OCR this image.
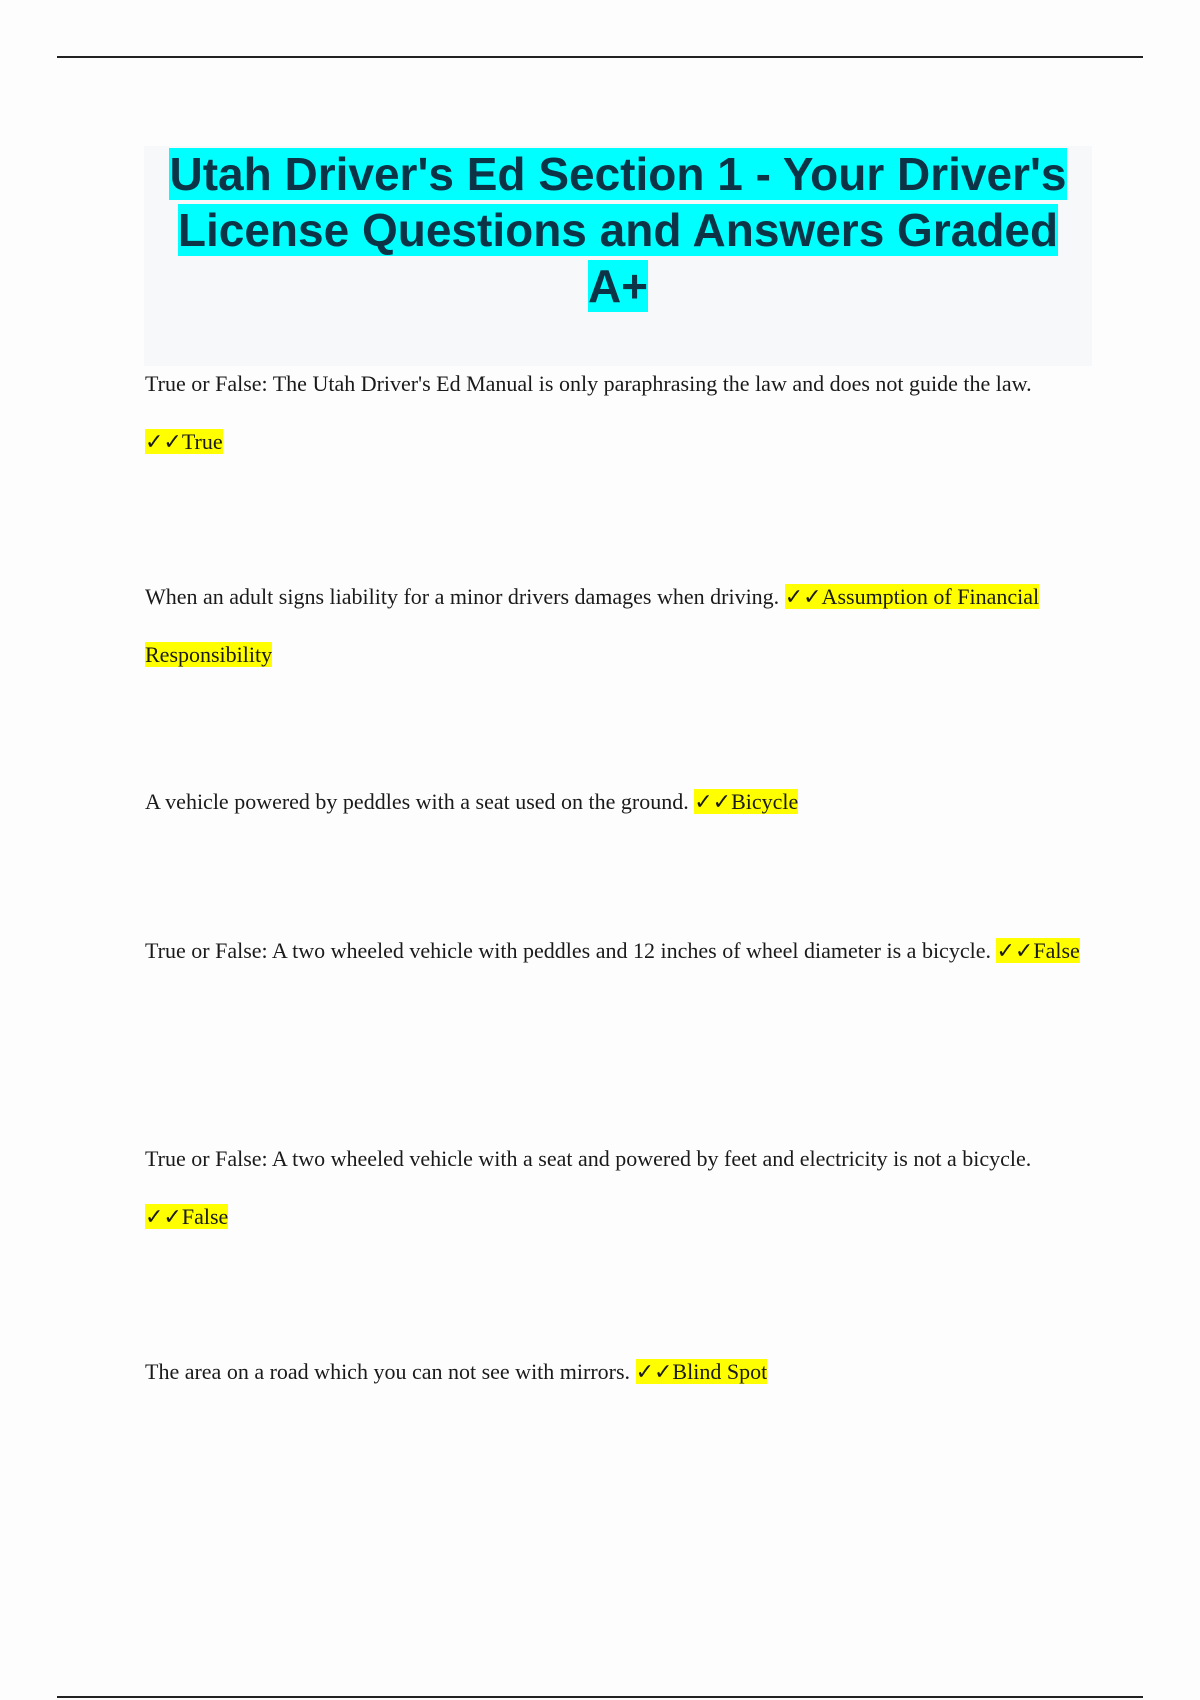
Utah Driver's Ed Section 1 - Your Driver's License Questions and Answers Graded A+

True or False: The Utah Driver's Ed Manual is only paraphrasing the law and does not guide the law. ✓✓True

When an adult signs liability for a minor drivers damages when driving. ✓✓Assumption of Financial Responsibility

A vehicle powered by peddles with a seat used on the ground. ✓✓Bicycle

True or False: A two wheeled vehicle with peddles and 12 inches of wheel diameter is a bicycle. ✓✓False

True or False: A two wheeled vehicle with a seat and powered by feet and electricity is not a bicycle. ✓✓False

The area on a road which you can not see with mirrors. ✓✓Blind Spot
